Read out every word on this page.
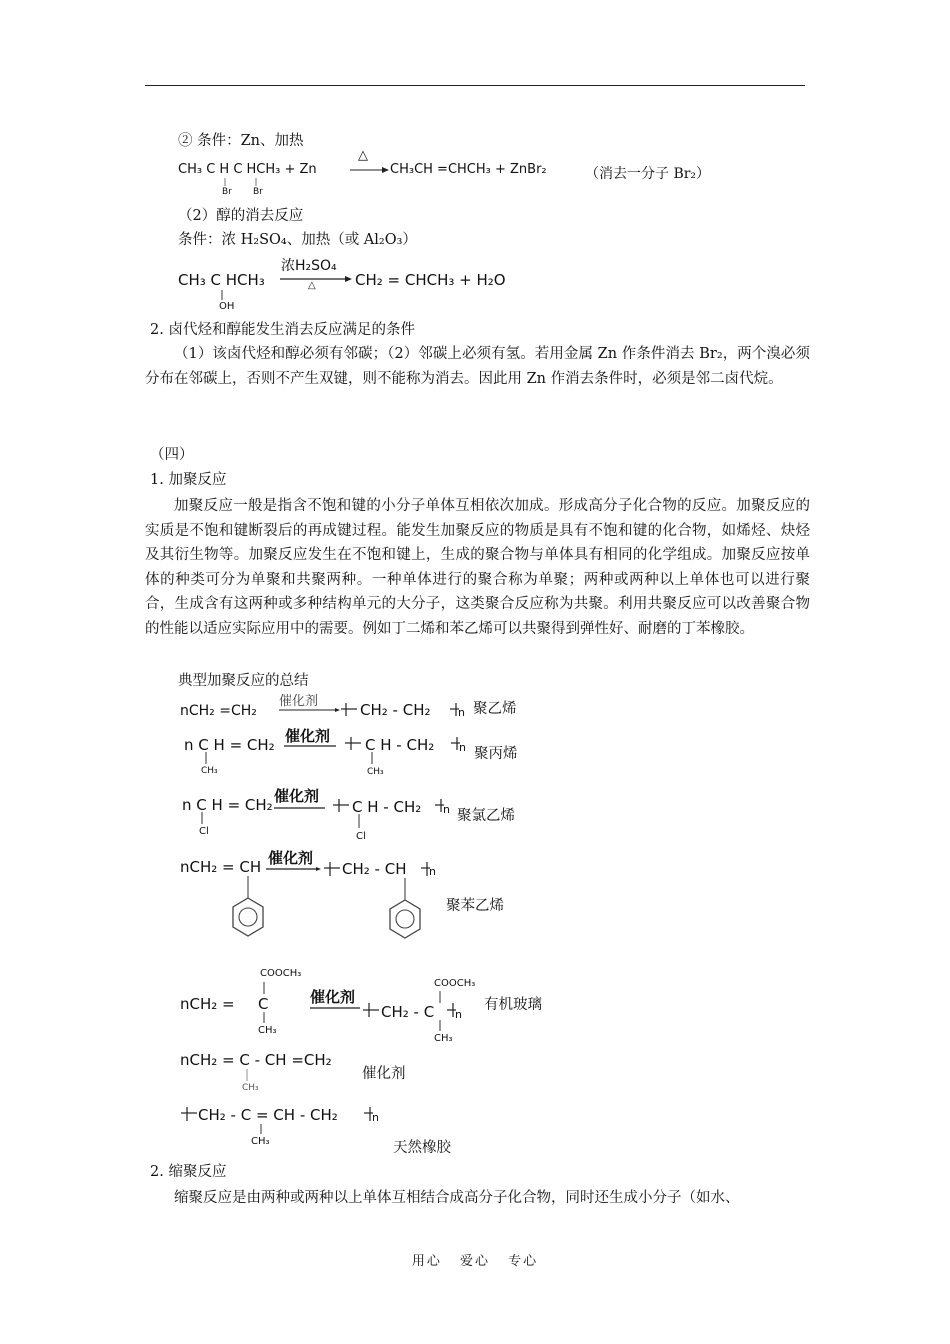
② 条件：Zn、加热
CH₃ C H C HCH₃ + Zn
Br Br
△
CH₃CH =CHCH₃ + ZnBr₂	（消去一分子 Br₂）
（2）醇的消去反应
条件：浓 H₂SO₄、加热（或 Al₂O₃）
CH₃ C HCH₃
OH
浓H₂SO₄
△	CH₂ = CHCH₃ + H₂O
2. 卤代烃和醇能发生消去反应满足的条件

（1）该卤代烃和醇必须有邻碳；（2）邻碳上必须有氢。若用金属 Zn 作条件消去 Br₂，两个溴必须分布在邻碳上，否则不产生双键，则不能称为消去。因此用 Zn 作消去条件时，必须是邻二卤代烷。

（四）
1. 加聚反应

加聚反应一般是指含不饱和键的小分子单体互相依次加成。形成高分子化合物的反应。加聚反应的实质是不饱和键断裂后的再成键过程。能发生加聚反应的物质是具有不饱和键的化合物，如烯烃、炔烃及其衍生物等。加聚反应发生在不饱和键上，生成的聚合物与单体具有相同的化学组成。加聚反应按单体的种类可分为单聚和共聚两种。一种单体进行的聚合称为单聚；两种或两种以上单体也可以进行聚合，生成含有这两种或多种结构单元的大分子，这类聚合反应称为共聚。利用共聚反应可以改善聚合物的性能以适应实际应用中的需要。例如丁二烯和苯乙烯可以共聚得到弹性好、耐磨的丁苯橡胶。

典型加聚反应的总结
nCH₂ =CH₂
催化剂	CH₂ - CH₂	n 聚乙烯
n C H = CH₂
CH₃
催化剂 C H - CH₂
CH₃
n 聚丙烯
n C H = CH₂
Cl
催化剂
C H - CH₂
Cl
n 聚氯乙烯
nCH₂ = CH 催化剂
CH₂ - CH n
聚苯乙烯
COOCH₃
nCH₂ = C
CH₃
催化剂
COOCH₃
CH₂ - C
CH₃
n
有机玻璃
nCH₂ = C - CH =CH₂
CH₃
催化剂
CH₂ - C = CH - CH₂
CH₃
n
天然橡胶
2. 缩聚反应

缩聚反应是由两种或两种以上单体互相结合成高分子化合物，同时还生成小分子（如水、

用心 爱心 专心
